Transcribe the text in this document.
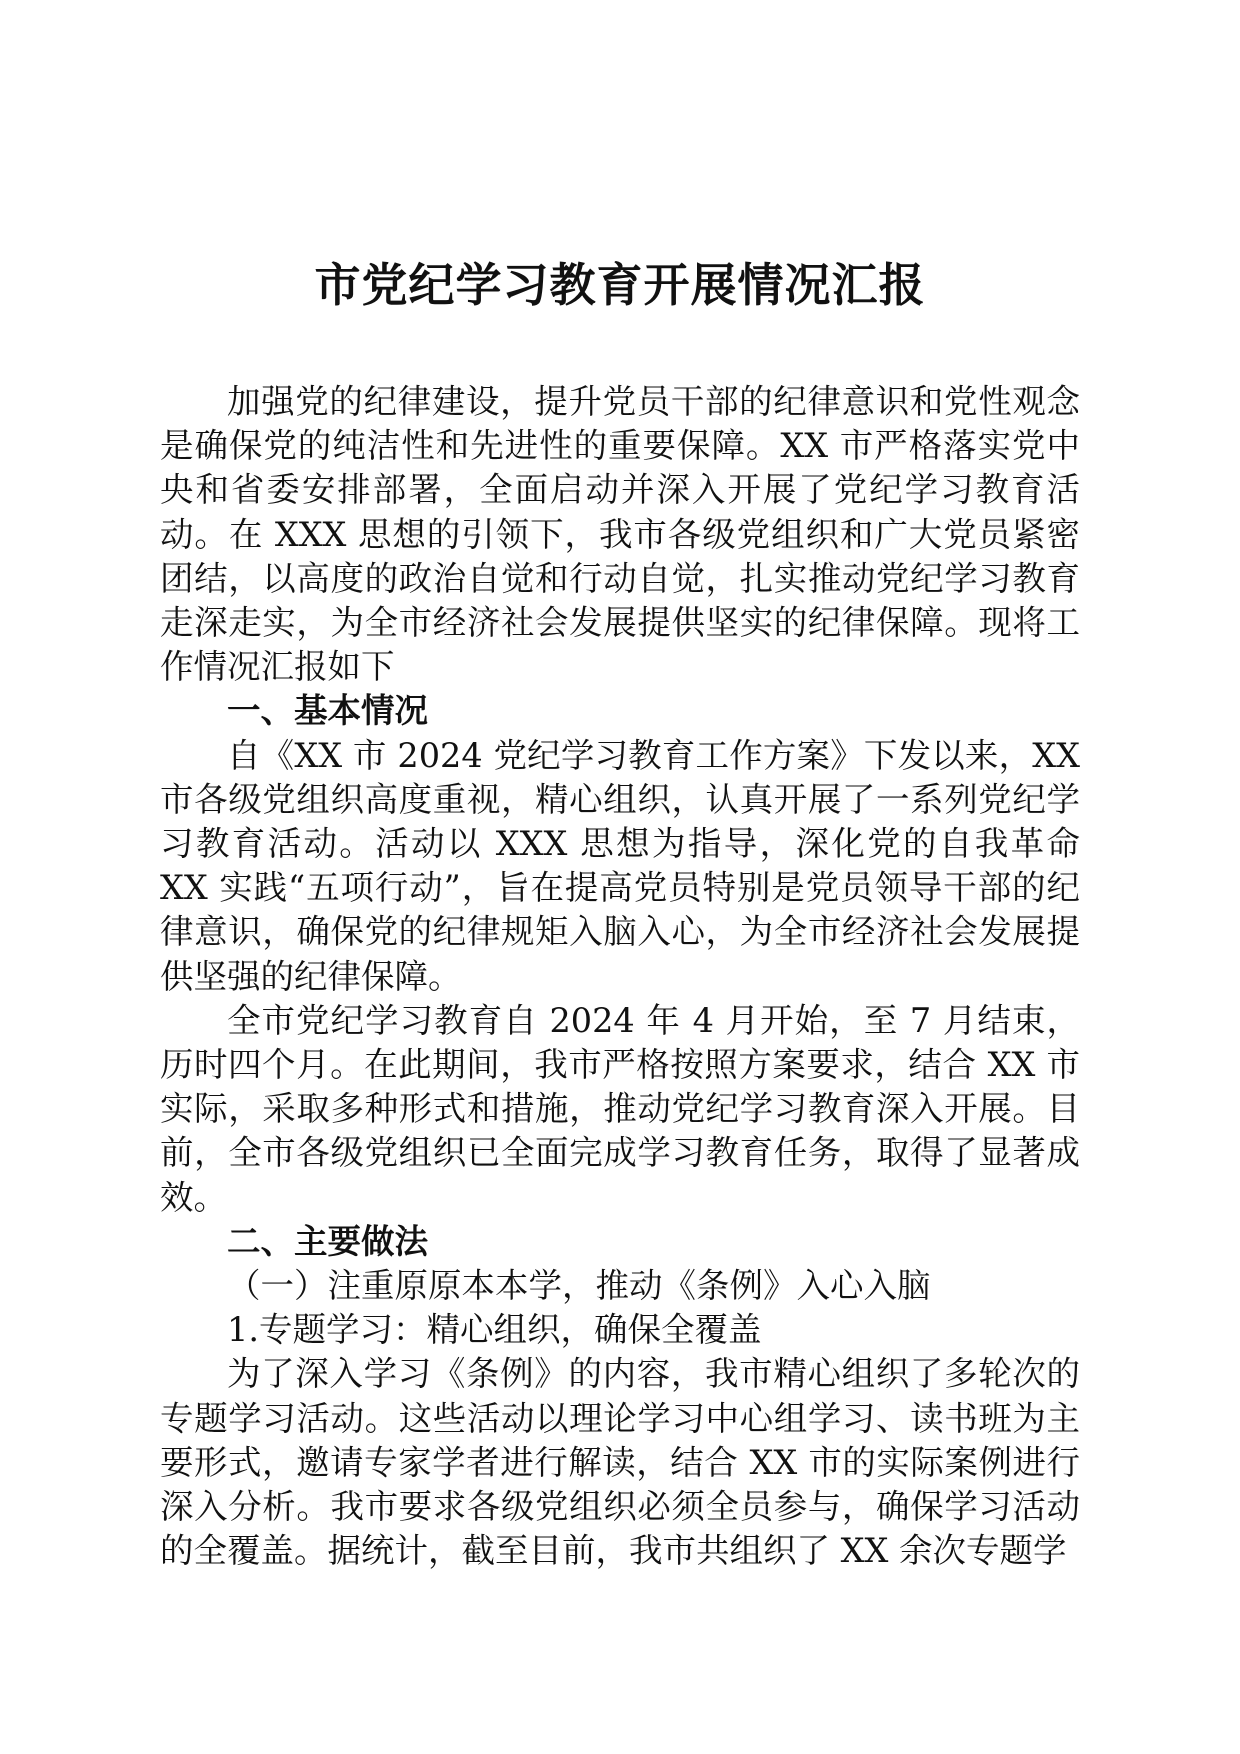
市党纪学习教育开展情况汇报

加强党的纪律建设，提升党员干部的纪律意识和党性观念是确保党的纯洁性和先进性的重要保障。XX 市严格落实党中央和省委安排部署，全面启动并深入开展了党纪学习教育活动。在 XXX 思想的引领下，我市各级党组织和广大党员紧密团结，以高度的政治自觉和行动自觉，扎实推动党纪学习教育走深走实，为全市经济社会发展提供坚实的纪律保障。现将工作情况汇报如下

一、基本情况

自《XX 市 2024 党纪学习教育工作方案》下发以来，XX 市各级党组织高度重视，精心组织，认真开展了一系列党纪学习教育活动。活动以 XXX 思想为指导，深化党的自我革命 XX 实践“五项行动”，旨在提高党员特别是党员领导干部的纪律意识，确保党的纪律规矩入脑入心，为全市经济社会发展提供坚强的纪律保障。

全市党纪学习教育自 2024 年 4 月开始，至 7 月结束，历时四个月。在此期间，我市严格按照方案要求，结合 XX 市实际，采取多种形式和措施，推动党纪学习教育深入开展。目前，全市各级党组织已全面完成学习教育任务，取得了显著成效。

二、主要做法

（一）注重原原本本学，推动《条例》入心入脑

1.专题学习：精心组织，确保全覆盖

为了深入学习《条例》的内容，我市精心组织了多轮次的专题学习活动。这些活动以理论学习中心组学习、读书班为主要形式，邀请专家学者进行解读，结合 XX 市的实际案例进行深入分析。我市要求各级党组织必须全员参与，确保学习活动的全覆盖。据统计，截至目前，我市共组织了 XX 余次专题学
